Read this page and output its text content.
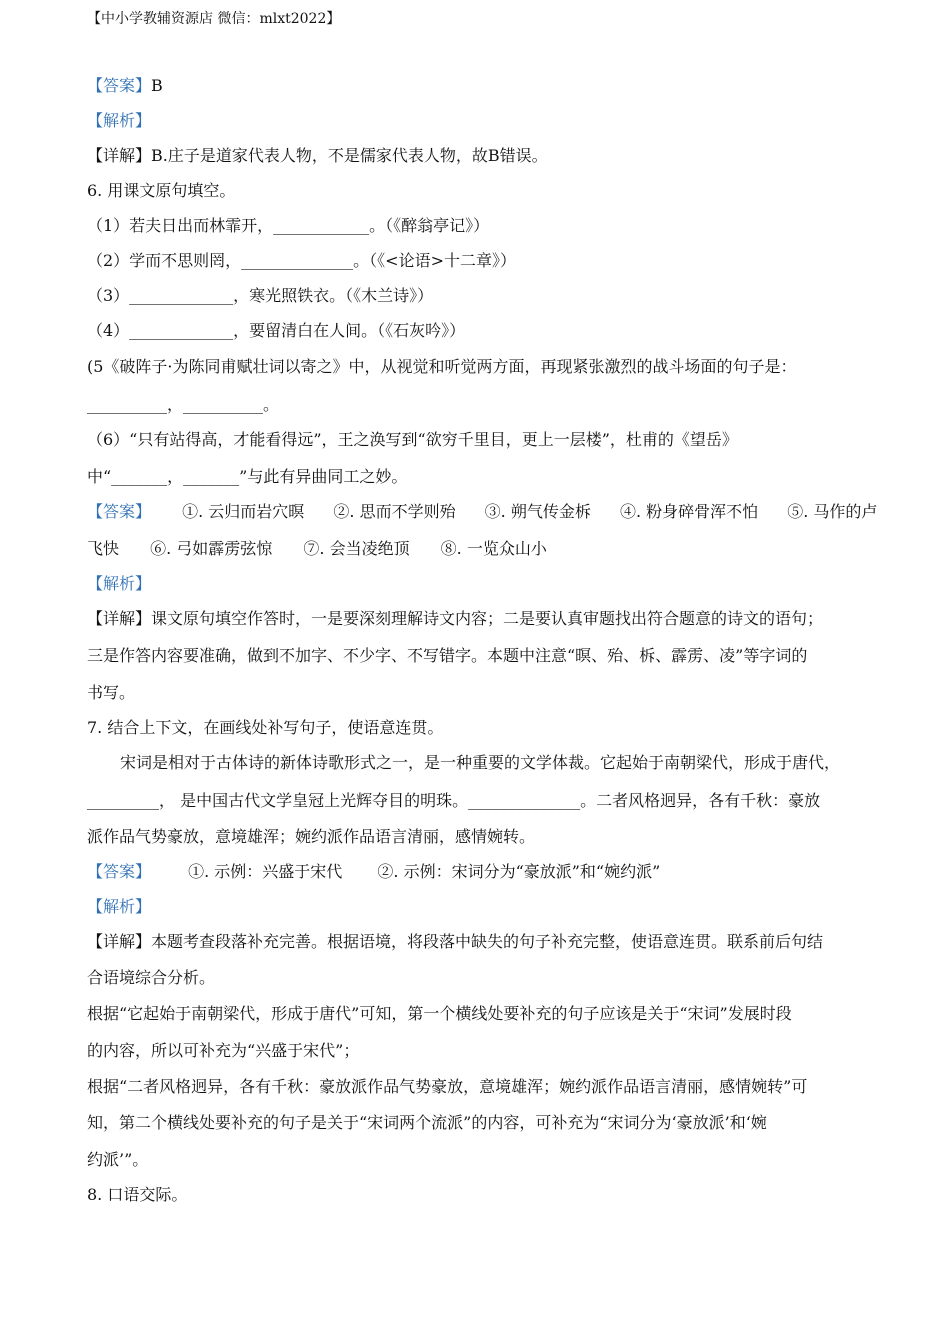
【中小学教辅资源店 微信：mlxt2022】
【答案】B
【解析】
【详解】B.庄子是道家代表人物，不是儒家代表人物，故B错误。
6. 用课文原句填空。
（1）若夫日出而林霏开，____________。（《醉翁亭记》）
（2）学而不思则罔，______________。（《<论语>十二章》）
（3）_____________，寒光照铁衣。（《木兰诗》）
（4）_____________，要留清白在人间。（《石灰吟》）
(5《破阵子·为陈同甫赋壮词以寄之》中，从视觉和听觉两方面，再现紧张激烈的战斗场面的句子是：
__________，__________。
（6）“只有站得高，才能看得远”，王之涣写到“欲穷千里目，更上一层楼”，杜甫的《望岳》
中“_______，_______”与此有异曲同工之妙。
【答案】 ①. 云归而岩穴暝 ②. 思而不学则殆 ③. 朔气传金柝 ④. 粉身碎骨浑不怕 ⑤. 马作的卢
飞快 ⑥. 弓如霹雳弦惊 ⑦. 会当凌绝顶 ⑧. 一览众山小
【解析】
【详解】课文原句填空作答时，一是要深刻理解诗文内容；二是要认真审题找出符合题意的诗文的语句；
三是作答内容要准确，做到不加字、不少字、不写错字。本题中注意“暝、殆、柝、霹雳、凌”等字词的
书写。
7. 结合上下文，在画线处补写句子，使语意连贯。
宋词是相对于古体诗的新体诗歌形式之一，是一种重要的文学体裁。它起始于南朝梁代，形成于唐代，
_________， 是中国古代文学皇冠上光辉夺目的明珠。______________。二者风格迥异，各有千秋：豪放
派作品气势豪放，意境雄浑；婉约派作品语言清丽，感情婉转。
【答案】 ①. 示例：兴盛于宋代 ②. 示例：宋词分为“豪放派”和“婉约派”
【解析】
【详解】本题考查段落补充完善。根据语境，将段落中缺失的句子补充完整，使语意连贯。联系前后句结
合语境综合分析。
根据“它起始于南朝梁代，形成于唐代”可知，第一个横线处要补充的句子应该是关于“宋词”发展时段
的内容，所以可补充为“兴盛于宋代”；
根据“二者风格迥异，各有千秋：豪放派作品气势豪放，意境雄浑；婉约派作品语言清丽，感情婉转”可
知，第二个横线处要补充的句子是关于“宋词两个流派”的内容，可补充为“宋词分为‘豪放派’和‘婉
约派’”。
8. 口语交际。
